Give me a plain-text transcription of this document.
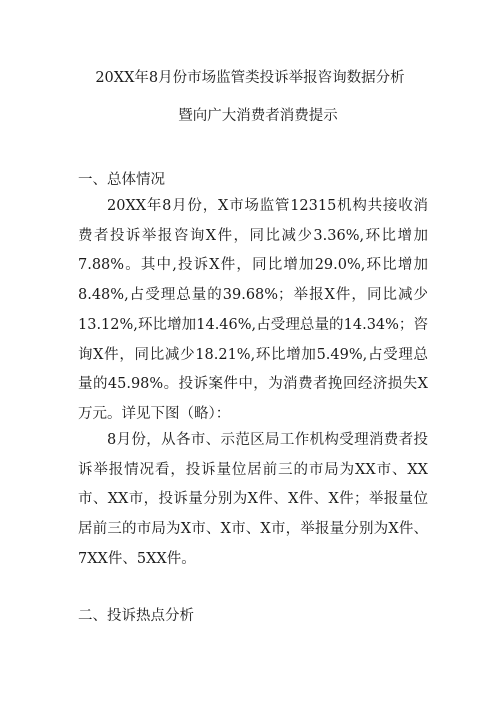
20XX年8月份市场监管类投诉举报咨询数据分析
暨向广大消费者消费提示
一、总体情况

20XX年8月份，X市场监管12315机构共接收消费者投诉举报咨询X件，同比减少3.36%,环比增加7.88%。其中,投诉X件，同比增加29.0%,环比增加8.48%,占受理总量的39.68%；举报X件，同比减少13.12%,环比增加14.46%,占受理总量的14.34%；咨询X件，同比减少18.21%,环比增加5.49%,占受理总量的45.98%。投诉案件中，为消费者挽回经济损失X万元。详见下图（略）：

8月份，从各市、示范区局工作机构受理消费者投诉举报情况看，投诉量位居前三的市局为XX市、XX市、XX市，投诉量分别为X件、X件、X件；举报量位居前三的市局为X市、X市、X市，举报量分别为X件、7XX件、5XX件。

二、投诉热点分析
